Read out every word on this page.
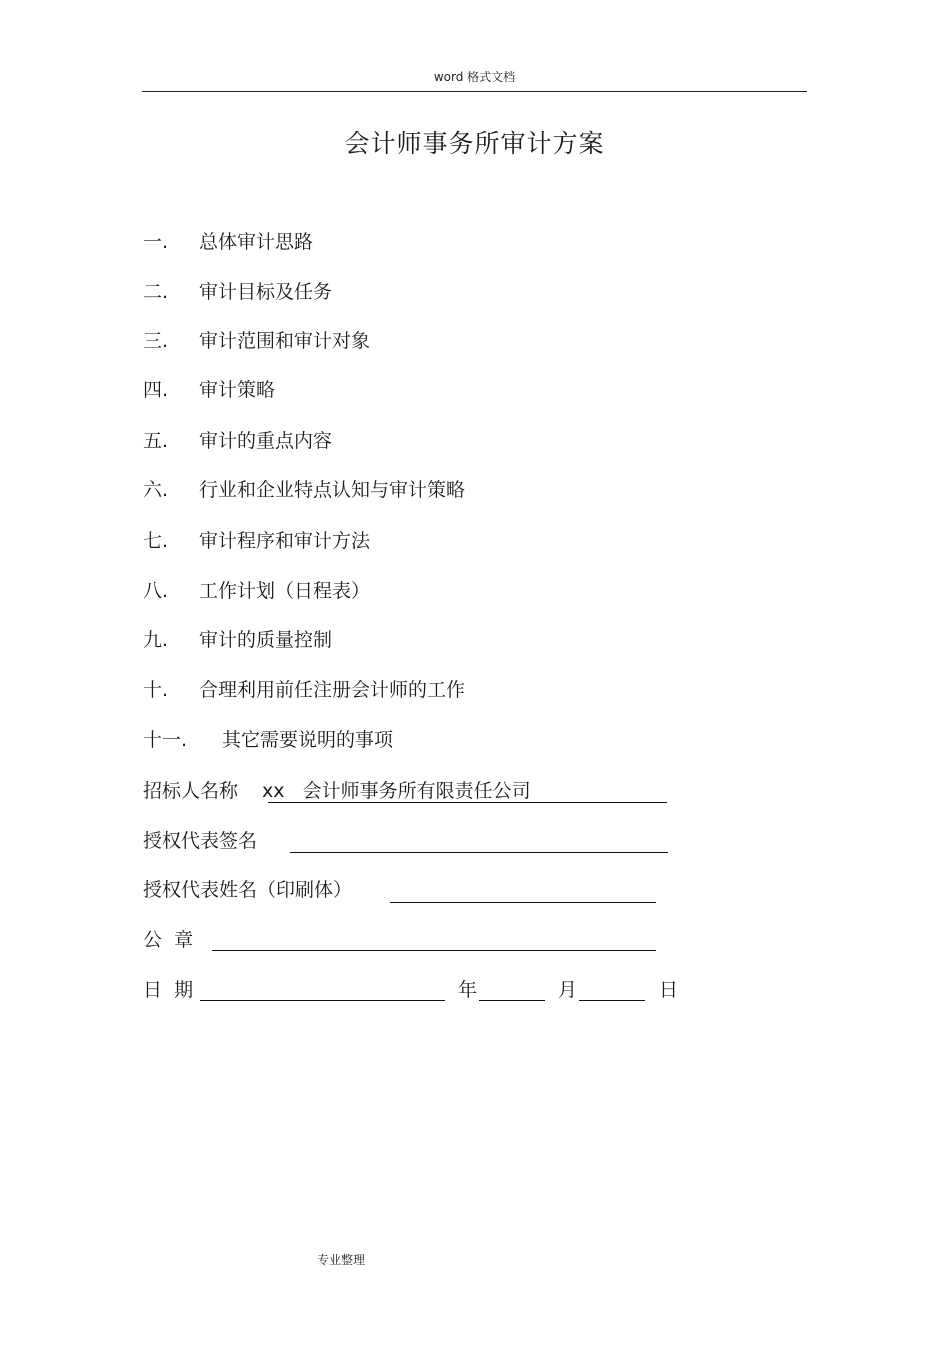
word 格式文档
会计师事务所审计方案
一. 总体审计思路
二. 审计目标及任务
三. 审计范围和审计对象
四. 审计策略
五. 审计的重点内容
六. 行业和企业特点认知与审计策略
七. 审计程序和审计方法
八. 工作计划（日程表）
九. 审计的质量控制
十. 合理利用前任注册会计师的工作
十一. 其它需要说明的事项
招标人名称 xx   会计师事务所有限责任公司
授权代表签名
授权代表姓名（印刷体）
公  章
日  期	年	月	日
专业整理
